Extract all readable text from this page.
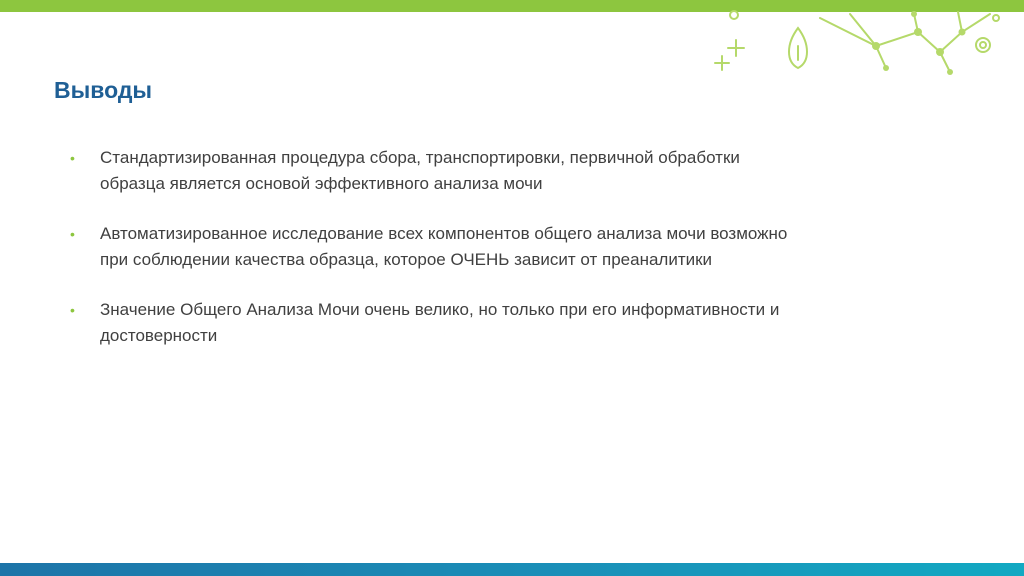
Выводы
• Стандартизированная процедура сбора, транспортировки, первичной обработки
образца является основой эффективного анализа мочи
• Автоматизированное исследование всех компонентов общего анализа мочи возможно
при соблюдении качества образца, которое ОЧЕНЬ зависит от преаналитики
• Значение Общего Анализа Мочи очень велико, но только при его информативности и
достоверности
